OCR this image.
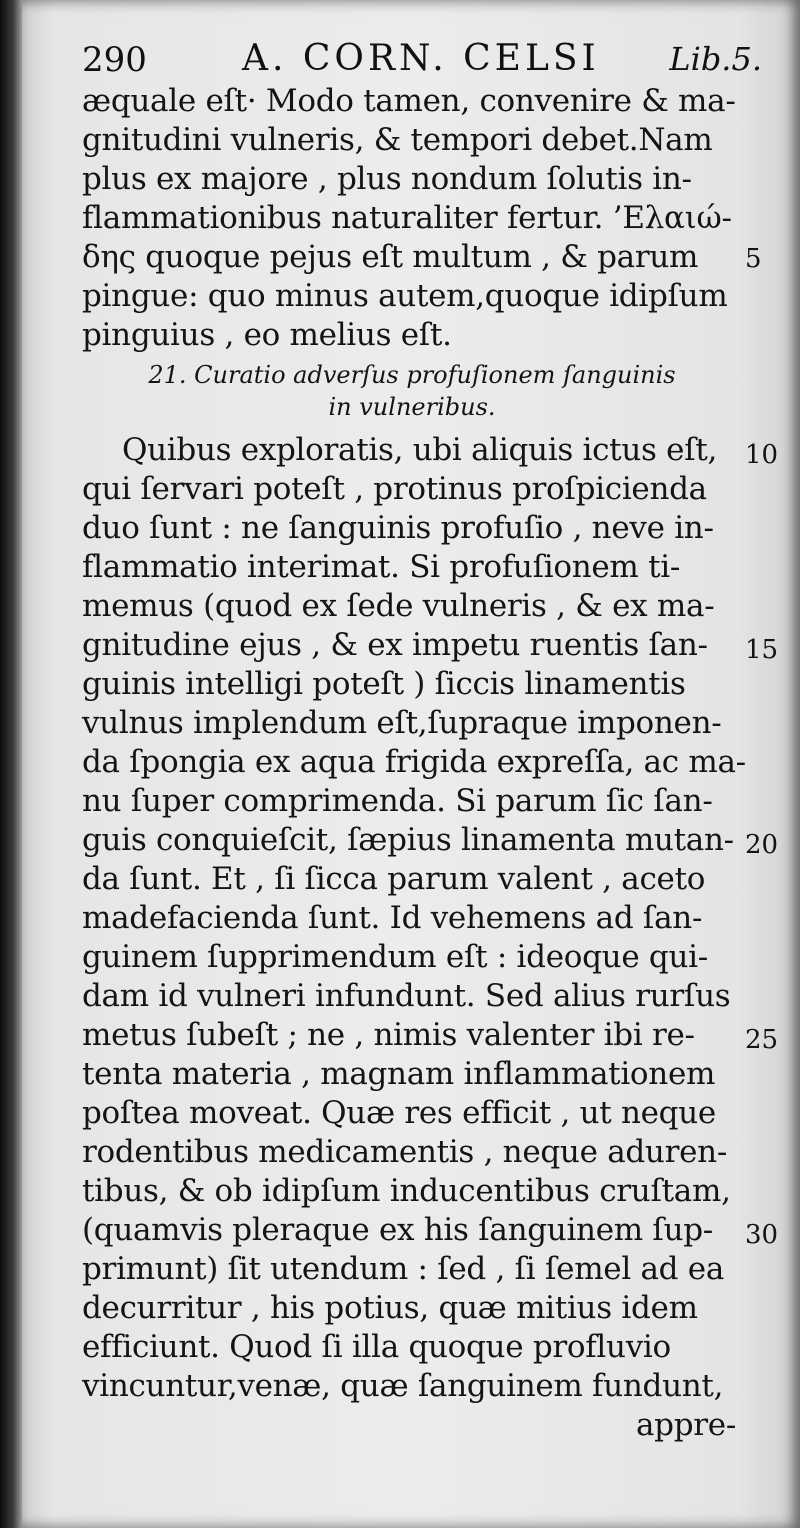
290	A. CORN. CELSI Lib.5.
æquale eſt· Modo tamen, convenire & ma-
gnitudini vulneris, & tempori debet.Nam
plus ex majore , plus nondum ſolutis in-
flammationibus naturaliter fertur. ’Ελαιώ-
δης quoque pejus eſt multum , & parum
pingue: quo minus autem,quoque idipſum
pinguius , eo melius eſt.
21. Curatio adverſus profuſionem ſanguinis
in vulneribus.
Quibus exploratis, ubi aliquis ictus eſt,
qui ſervari poteſt , protinus proſpicienda
duo ſunt : ne ſanguinis profuſio , neve in-
flammatio interimat. Si profuſionem ti-
memus (quod ex ſede vulneris , & ex ma-
gnitudine ejus , & ex impetu ruentis ſan-
guinis intelligi poteſt ) ſiccis linamentis
vulnus implendum eſt,ſupraque imponen-
da ſpongia ex aqua frigida expreſſa, ac ma-
nu ſuper comprimenda. Si parum ſic ſan-
guis conquieſcit, ſæpius linamenta mutan-
da ſunt. Et , ſi ſicca parum valent , aceto
madefacienda ſunt. Id vehemens ad ſan-
guinem ſupprimendum eſt : ideoque qui-
dam id vulneri infundunt. Sed alius rurſus
metus ſubeſt ; ne , nimis valenter ibi re-
tenta materia , magnam inflammationem
poſtea moveat. Quæ res efficit , ut neque
rodentibus medicamentis , neque aduren-
tibus, & ob idipſum inducentibus cruſtam,
(quamvis pleraque ex his ſanguinem ſup-
primunt) ſit utendum : ſed , ſi ſemel ad ea
decurritur , his potius, quæ mitius idem
efficiunt. Quod ſi illa quoque profluvio
vincuntur,venæ, quæ ſanguinem fundunt,
appre-
5
10
15
20
25
30
